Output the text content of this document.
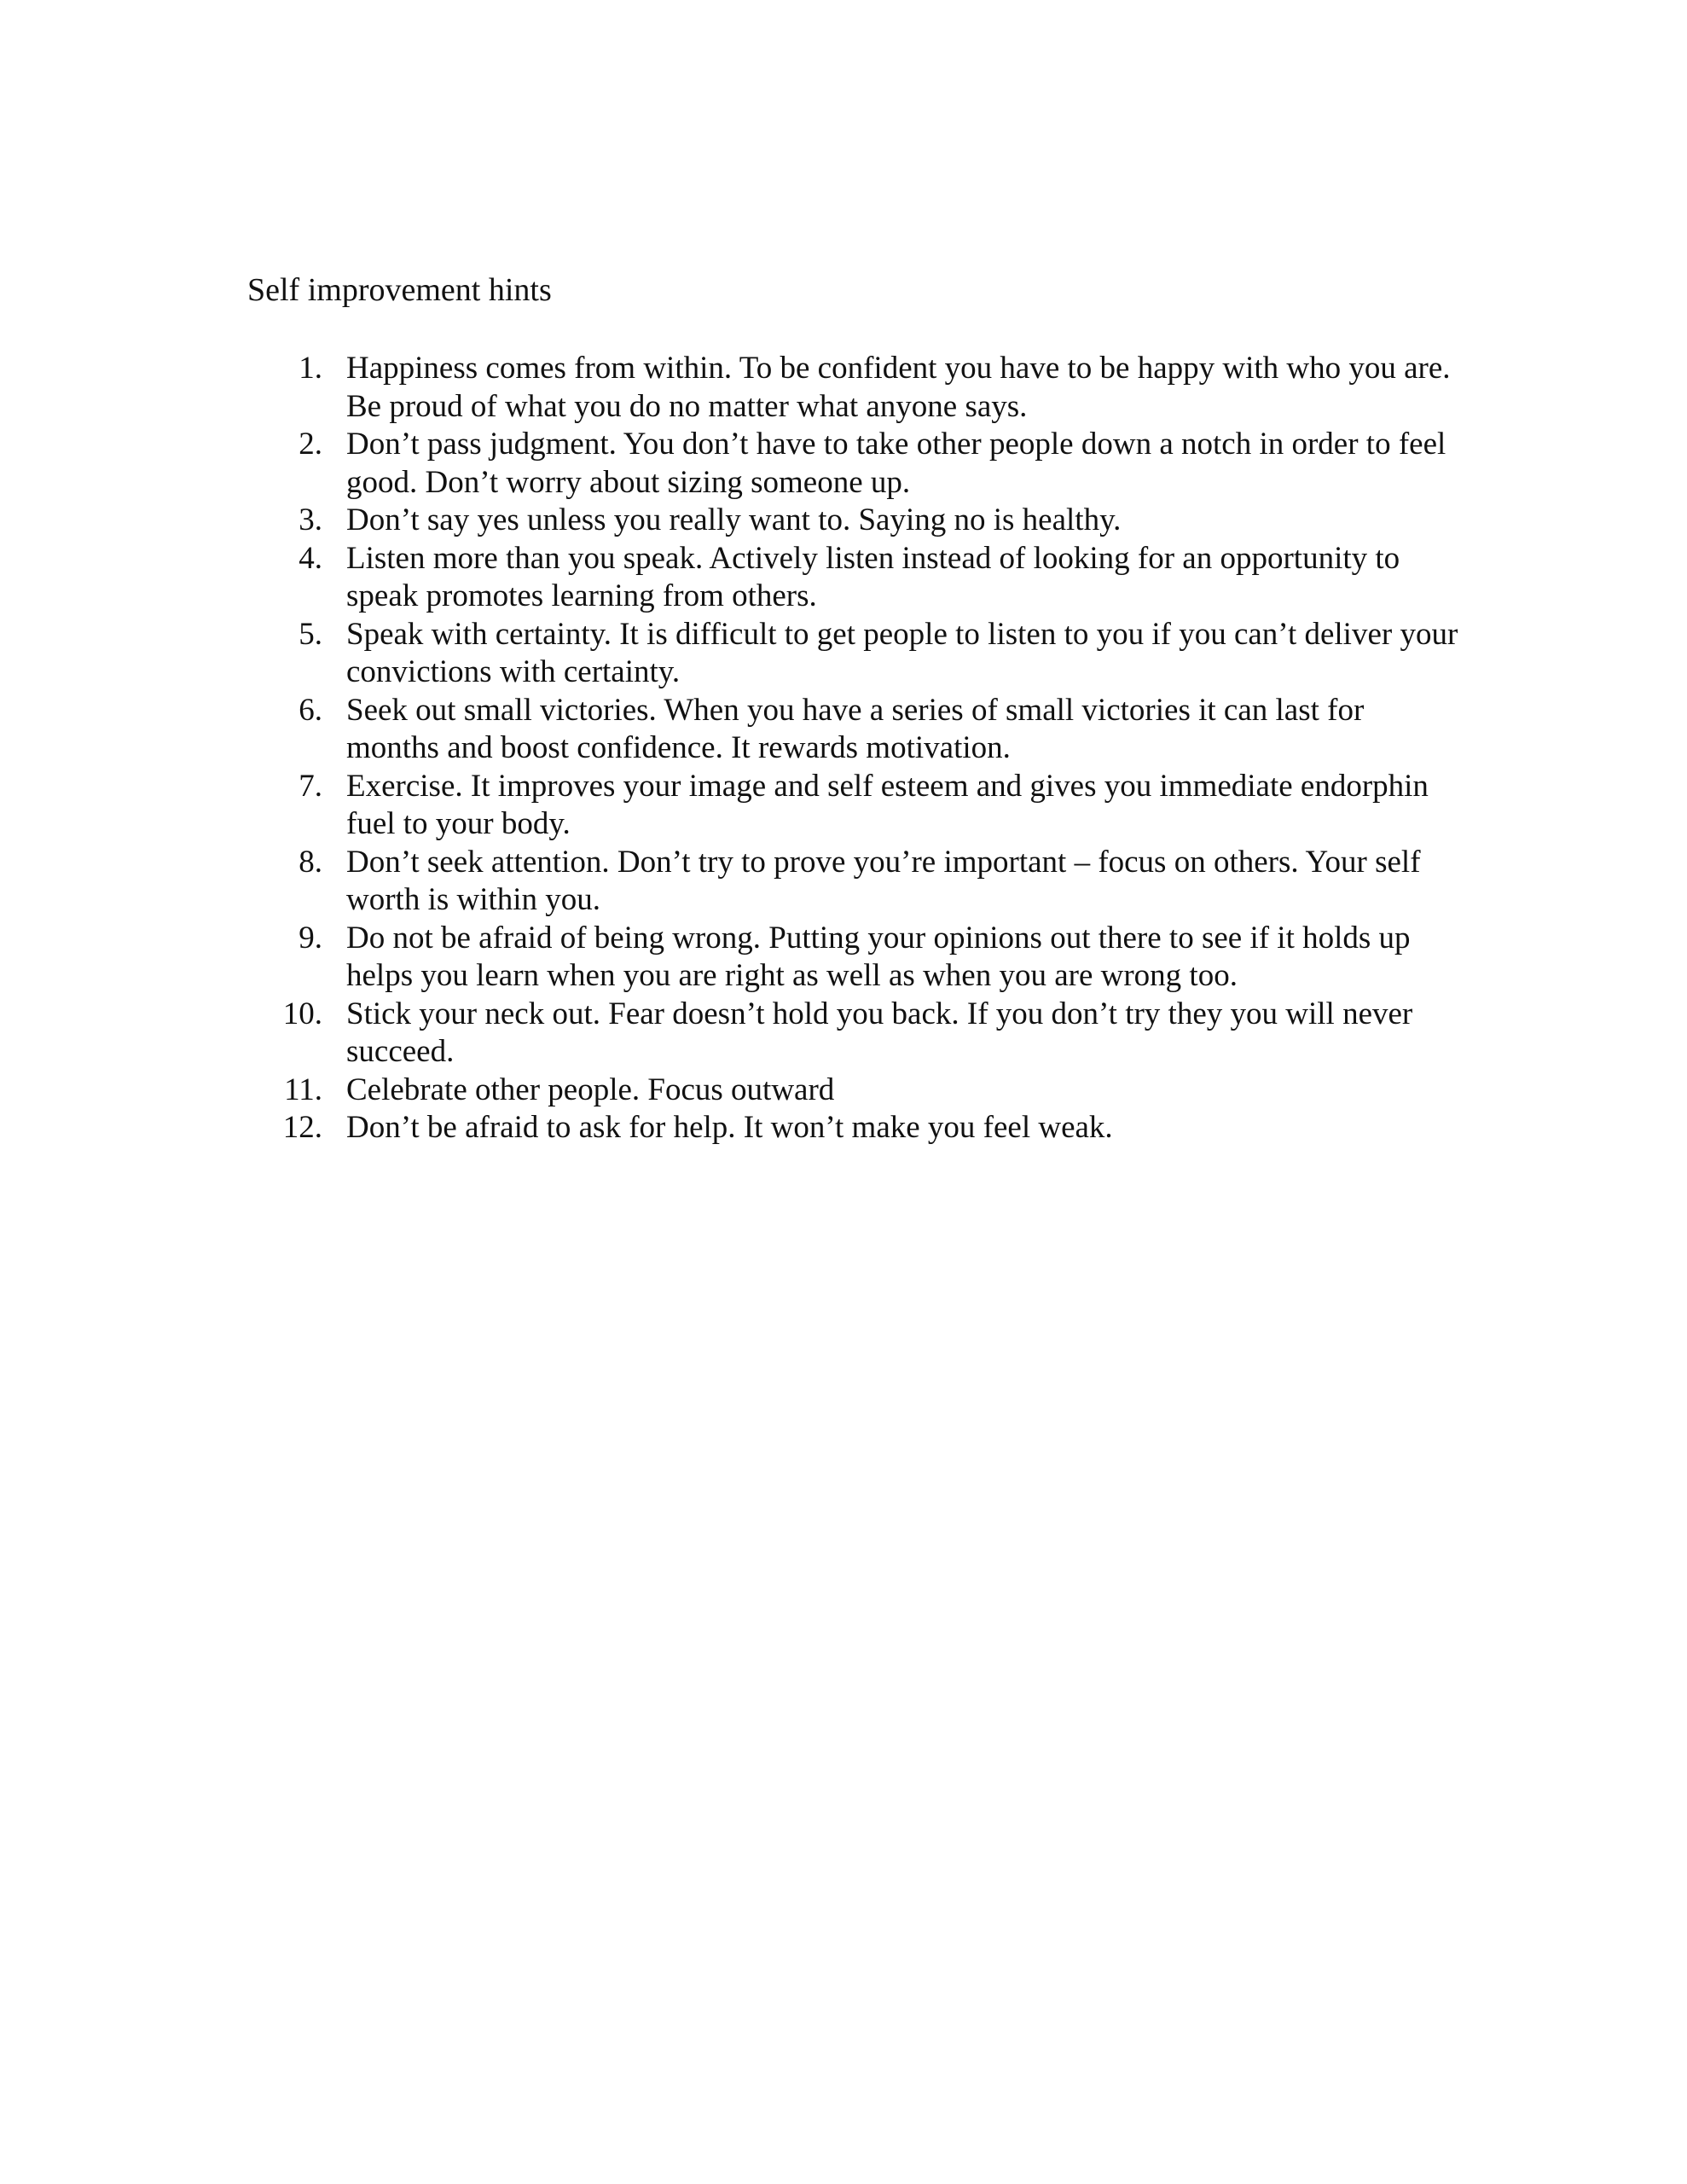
Self improvement hints
1. Happiness comes from within. To be confident you have to be happy with who you are. Be proud of what you do no matter what anyone says.
2. Don’t pass judgment. You don’t have to take other people down a notch in order to feel good. Don’t worry about sizing someone up.
3. Don’t say yes unless you really want to. Saying no is healthy.
4. Listen more than you speak. Actively listen instead of looking for an opportunity to speak promotes learning from others.
5. Speak with certainty. It is difficult to get people to listen to you if you can’t deliver your convictions with certainty.
6. Seek out small victories. When you have a series of small victories it can last for months and boost confidence. It rewards motivation.
7. Exercise. It improves your image and self esteem and gives you immediate endorphin fuel to your body.
8. Don’t seek attention. Don’t try to prove you’re important – focus on others. Your self worth is within you.
9. Do not be afraid of being wrong. Putting your opinions out there to see if it holds up helps you learn when you are right as well as when you are wrong too.
10. Stick your neck out. Fear doesn’t hold you back. If you don’t try they you will never succeed.
11. Celebrate other people. Focus outward
12. Don’t be afraid to ask for help. It won’t make you feel weak.
